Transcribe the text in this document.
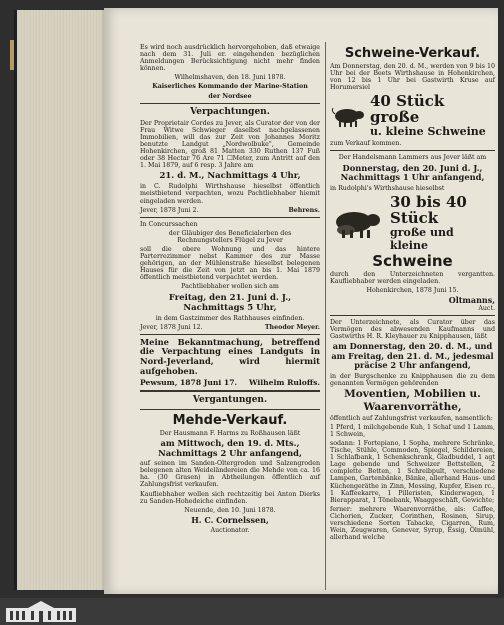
Es wird noch ausdrücklich hervorgehoben, daß etwaige nach dem 31. Juli er. eingehenden bezüglichen Anmeldungen Berücksichtigung nicht mehr finden können.

Wilhelmshaven, den 18. Juni 1878.

Kaiserliches Kommando der Marine-Station

der Nordsee

Verpachtungen.

Der Proprietair Cordes zu Jever, als Curator der von der Frau Witwe Schwieger daselbst nachgelassenen Immobilien, will das zur Zeit von Johannes Moritz benutzte Landgut „Nordwolbuke", Gemeinde Hohenkirchen, groß 81 Matten 330 Ruthen 137 Fuß oder 38 Hectar 76 Are 71 ☐Meter, zum Antritt auf den 1. Mai 1879, auf 6 resp. 3 Jahre am

21. d. M., Nachmittags 4 Uhr,

in C. Rudolphi Wirthshause hieselbst öffentlich meistbietend verpachten, wozu Pachtliebhaber hiemit eingeladen werden.

Jever, 1878 Juni 2.	Behrens.

In Concurssachen

der Gläubiger des Beneficialerben des Rechnungstellers Flügel zu Jever

soll die obere Wohnung und das hintere Parterrezimmer nebst Kammer des zur Masse gehörigen, an der Mühlenstraße hieselbst belegenen Hauses für die Zeit von jetzt an bis 1. Mai 1879 öffentlich meistbietend verpachtet werden.

Pachtliebhaber wollen sich am

Freitag, den 21. Juni d. J., Nachmittags 5 Uhr,

in dem Gastzimmer des Rathhauses einfinden.

Jever, 1878 Juni 12.	Theodor Meyer.

Meine Bekanntmachung, betreffend die Verpachtung eines Landguts in Nord-Jeverland, wird hiermit aufgehoben.

Pewsum, 1878 Juni 17. Wilhelm Ruloffs.
Vergantungen.
Mehde-Verkauf.

Der Hausmann F. Harms zu Roßhausen läßt

am Mittwoch, den 19. d. Mts., Nachmittags 2 Uhr anfangend,

auf seinen im Sanden-Oltergroden und Salzengroden belegenen alten Weideländereien die Mehde von ca. 16 ha. (30 Grasen) in Abtheilungen öffentlich auf Zahlungsfrist verkaufen.

Kaufliebhaber wollen sich rechtzeitig bei Anton Dierks zu Sanden-Hohedeiche einfinden.

Neuende, den 10. Juni 1878.

H. C. Cornelssen,

Auctionator.

Schweine-Verkauf.

Am Donnerstag, den 20. d. M., werden von 9 bis 10 Uhr bei der Beets Wirthshause in Hohenkirchen, von 12 bis 1 Uhr bei Gastwirth Kruse auf Horumersiel

40 Stück große
u. kleine Schweine

zum Verkauf kommen.

Der Handelsmann Lammers aus Jever läßt am

Donnerstag, den 20. Juni d. J., Nachmittags 1 Uhr anfangend,

in Rudolphi's Wirthshause hieselbst

30 bis 40 Stück
große und kleine
Schweine

durch den Unterzeichneten vergantten. Kaufliebhaber werden eingeladen.

Hohenkirchen, 1878 Juni 15.

Oltmanns,

Auct.

Der Unterzeichnete, als Curator über das Vermögen des abwesenden Kaufmanns und Gastwirths H. R. Kleyhauer zu Knipphausen, läßt

am Donnerstag, den 20. d. M., und am Freitag, den 21. d. M., jedesmal präcise 2 Uhr anfangend,

in der Burgschenke zu Knipphausen die zu dem genannten Vermögen gehörenden

Moventien, Mobilien u.
Waarenvorräthe,

öffentlich auf Zahlungsfrist verkaufen, namentlich:

1 Pferd, 1 milchgebende Kuh, 1 Schaf und 1 Lamm, 1 Schwein,

sodann: 1 Fortepiano, 1 Sopha, mehrere Schränke, Tische, Stühle, Commoden, Spiegel, Schildereien, 1 Schlafbank, 1 Schenkschrank, Gladbuddel, 1 agt Lage gebende und Schweizer Bettstellen, 2 complette Betten, 1 Schreibpult, verschiedene Lampen, Gartenbänke, Bänke, allerhand Haus- und Küchengeräthe in Zinn, Messing, Kupfer, Eisen rc., 1 Kaffeekarre, 1 Pilleristen, Kinderwagen, 1 Bierapparat, 1 Tönebank, Waaggeschäft, Gewichte;

ferner: mehrere Waarenvorräthe, als: Caffee, Cichorien, Zucker, Corinthen, Rosinen, Sirup, verschiedene Sorten Tabacke, Cigarren, Rum, Wein, Zeugwaren, Genever, Syrup, Essig, Ölmühl, allerhand welche
